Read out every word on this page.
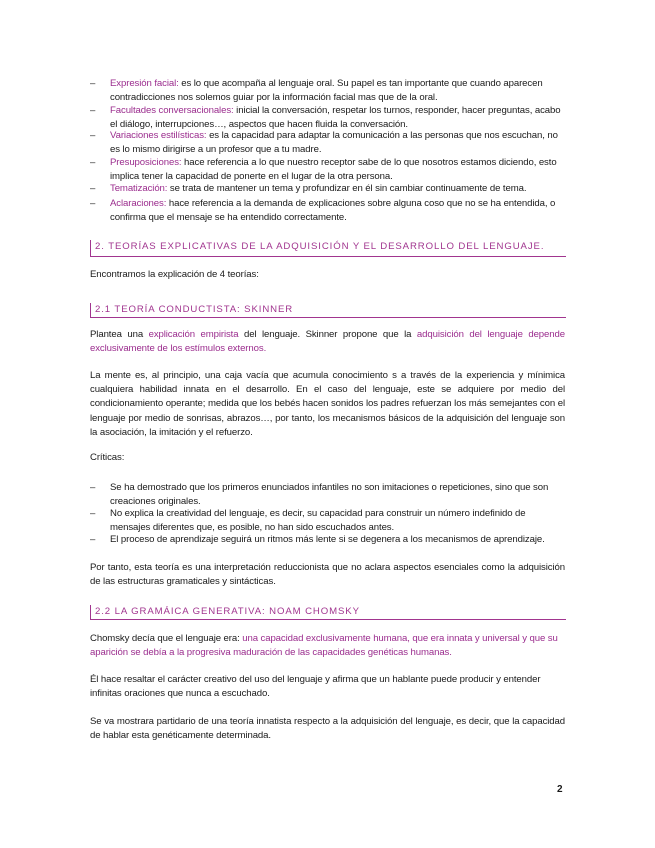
– Expresión facial: es lo que acompaña al lenguaje oral. Su papel es tan importante que cuando aparecen contradicciones nos solemos guiar por la información facial mas que de la oral.
– Facultades conversacionales: inicial la conversación, respetar los turnos, responder, hacer preguntas, acabo el diálogo, interrupciones…, aspectos que hacen fluida la conversación.
– Variaciones estilísticas: es la capacidad para adaptar la comunicación a las personas que nos escuchan, no es lo mismo dirigirse a un profesor que a tu madre.
– Presuposiciones: hace referencia a lo que nuestro receptor sabe de lo que nosotros estamos diciendo, esto implica tener la capacidad de ponerte en el lugar de la otra persona.
– Tematización: se trata de mantener un tema y profundizar en él sin cambiar continuamente de tema.
– Aclaraciones: hace referencia a la demanda de explicaciones sobre alguna coso que no se ha entendida, o confirma que el mensaje se ha entendido correctamente.
2. TEORÍAS EXPLICATIVAS DE LA ADQUISICIÓN Y EL DESARROLLO DEL LENGUAJE.
Encontramos la explicación de 4 teorías:
2.1 TEORÍA CONDUCTISTA: SKINNER
Plantea una explicación empirista del lenguaje. Skinner propone que la adquisición del lenguaje depende exclusivamente de los estímulos externos.
La mente es, al principio, una caja vacía que acumula conocimiento s a través de la experiencia y mínimica cualquiera habilidad innata en el desarrollo. En el caso del lenguaje, este se adquiere por medio del condicionamiento operante; medida que los bebés hacen sonidos los padres refuerzan los más semejantes con el lenguaje por medio de sonrisas, abrazos…, por tanto, los mecanismos básicos de la adquisición del lenguaje son la asociación, la imitación y el refuerzo.
Críticas:
– Se ha demostrado que los primeros enunciados infantiles no son imitaciones o repeticiones, sino que son creaciones originales.
– No explica la creatividad del lenguaje, es decir, su capacidad para construir un número indefinido de mensajes diferentes que, es posible, no han sido escuchados antes.
– El proceso de aprendizaje seguirá un ritmos más lente si se degenera a los mecanismos de aprendizaje.
Por tanto, esta teoría es una interpretación reduccionista que no aclara aspectos esenciales como la adquisición de las estructuras gramaticales y sintácticas.
2.2 LA GRAMÁICA GENERATIVA: NOAM CHOMSKY
Chomsky decía que el lenguaje era: una capacidad exclusivamente humana, que era innata y universal y que su aparición se debía a la progresiva maduración de las capacidades genéticas humanas.
Él hace resaltar el carácter creativo del uso del lenguaje y afirma que un hablante puede producir y entender infinitas oraciones que nunca a escuchado.
Se va mostrara partidario de una teoría innatista respecto a la adquisición del lenguaje, es decir, que la capacidad de hablar esta genéticamente determinada.
2
